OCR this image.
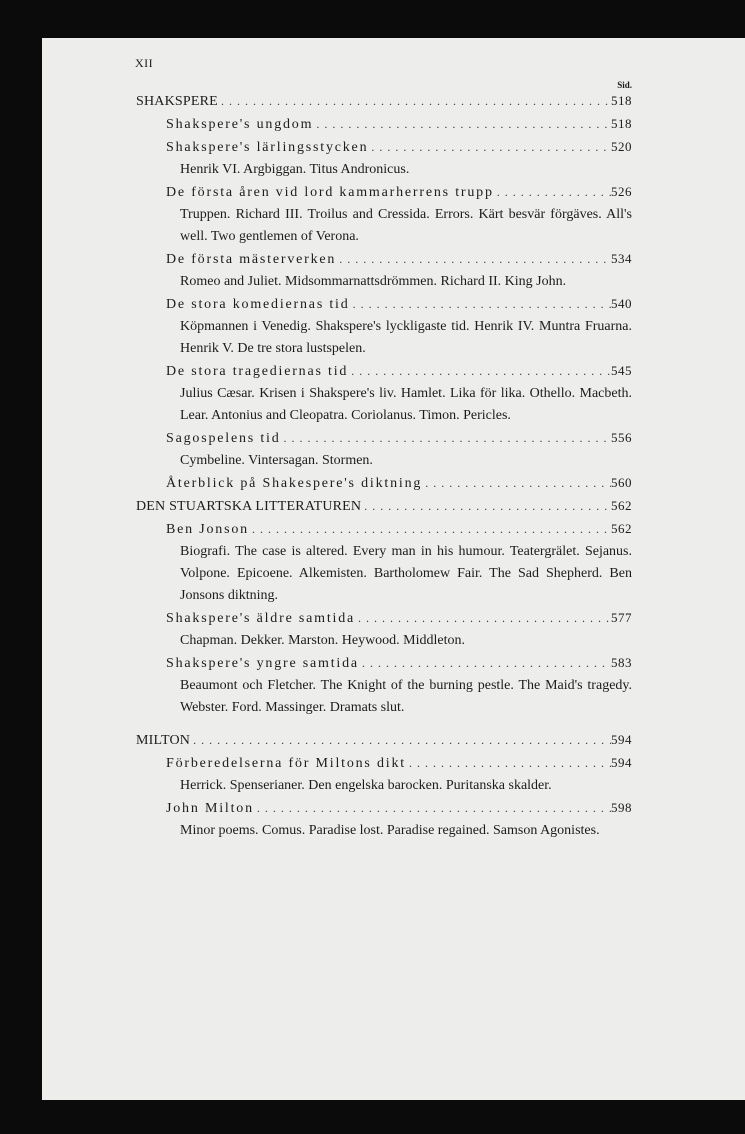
XII
Sid.
SHAKSPERE . . .	518
Shakspere's ungdom . . .	518
Shakspere's lärlingsstycken . . .	520
Henrik VI. Argbiggan. Titus Andronicus.
De första åren vid lord kammarherrens trupp . . .	526
Truppen. Richard III. Troilus and Cressida. Errors. Kärt besvär förgäves. All's well. Two gentlemen of Verona.
De första mästerverken . . .	534
Romeo and Juliet. Midsommarnattsdrömmen. Richard II. King John.
De stora komediernas tid . . .	540
Köpmannen i Venedig. Shakspere's lyckligaste tid. Henrik IV. Muntra Fruarna. Henrik V. De tre stora lustspelen.
De stora tragediernas tid . . .	545
Julius Cæsar. Krisen i Shakspere's liv. Hamlet. Lika för lika. Othello. Macbeth. Lear. Antonius and Cleopatra. Coriolanus. Timon. Pericles.
Sagospelens tid . . .	556
Cymbeline. Vintersagan. Stormen.
Återblick på Shakespere's diktning . . .	560
DEN STUARTSKA LITTERATUREN . . .	562
Ben Jonson . . .	562
Biografi. The case is altered. Every man in his humour. Teatergrälet. Sejanus. Volpone. Epicoene. Alkemisten. Bartholomew Fair. The Sad Shepherd. Ben Jonsons diktning.
Shakspere's äldre samtida . . .	577
Chapman. Dekker. Marston. Heywood. Middleton.
Shakspere's yngre samtida . . .	583
Beaumont och Fletcher. The Knight of the burning pestle. The Maid's tragedy. Webster. Ford. Massinger. Dramats slut.
MILTON . . .	594
Förberedelserna för Miltons dikt . . .	594
Herrick. Spenserianer. Den engelska barocken. Puritanska skalder.
John Milton . . .	598
Minor poems. Comus. Paradise lost. Paradise regained. Samson Agonistes.
